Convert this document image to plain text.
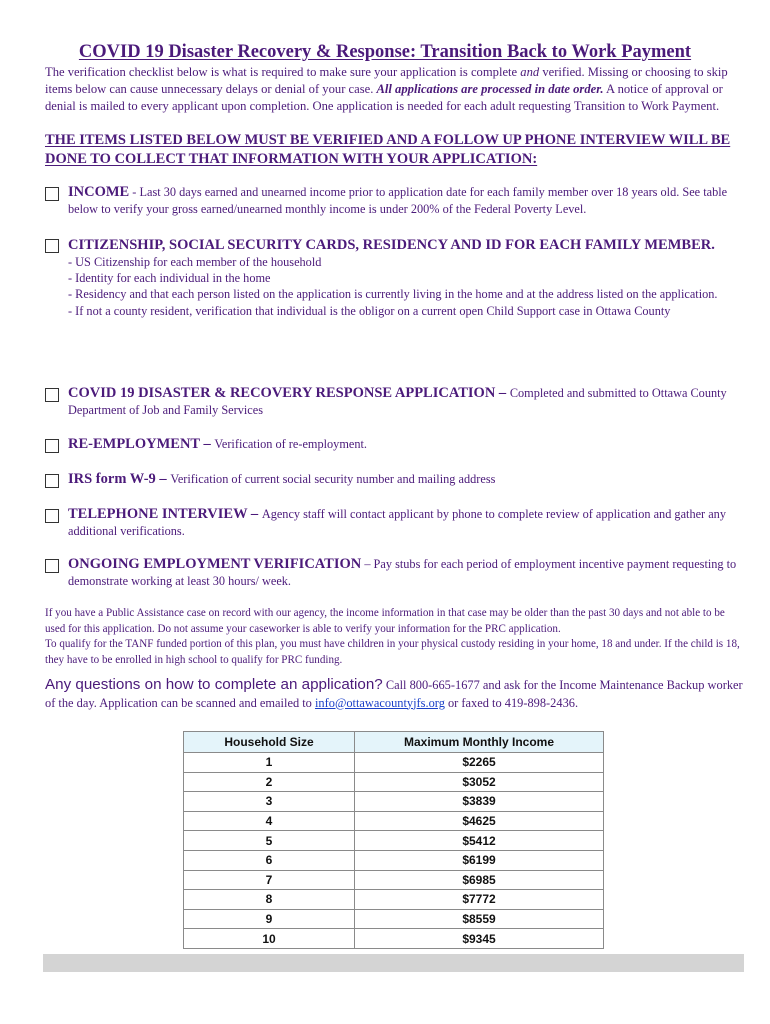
COVID 19 Disaster Recovery & Response: Transition Back to Work Payment
The verification checklist below is what is required to make sure your application is complete and verified. Missing or choosing to skip items below can cause unnecessary delays or denial of your case. All applications are processed in date order. A notice of approval or denial is mailed to every applicant upon completion. One application is needed for each adult requesting Transition to Work Payment.
THE ITEMS LISTED BELOW MUST BE VERIFIED AND A FOLLOW UP PHONE INTERVIEW WILL BE DONE TO COLLECT THAT INFORMATION WITH YOUR APPLICATION:
INCOME - Last 30 days earned and unearned income prior to application date for each family member over 18 years old. See table below to verify your gross earned/unearned monthly income is under 200% of the Federal Poverty Level.
CITIZENSHIP, SOCIAL SECURITY CARDS, RESIDENCY AND ID FOR EACH FAMILY MEMBER.
- US Citizenship for each member of the household
- Identity for each individual in the home
- Residency and that each person listed on the application is currently living in the home and at the address listed on the application.
- If not a county resident, verification that individual is the obligor on a current open Child Support case in Ottawa County
COVID 19 DISASTER & RECOVERY RESPONSE APPLICATION – Completed and submitted to Ottawa County Department of Job and Family Services
RE-EMPLOYMENT – Verification of re-employment.
IRS form W-9 – Verification of current social security number and mailing address
TELEPHONE INTERVIEW – Agency staff will contact applicant by phone to complete review of application and gather any additional verifications.
ONGOING EMPLOYMENT VERIFICATION – Pay stubs for each period of employment incentive payment requesting to demonstrate working at least 30 hours/ week.
If you have a Public Assistance case on record with our agency, the income information in that case may be older than the past 30 days and not able to be used for this application. Do not assume your caseworker is able to verify your information for the PRC application.
To qualify for the TANF funded portion of this plan, you must have children in your physical custody residing in your home, 18 and under. If the child is 18, they have to be enrolled in high school to qualify for PRC funding.
Any questions on how to complete an application? Call 800-665-1677 and ask for the Income Maintenance Backup worker of the day. Application can be scanned and emailed to info@ottawacountyjfs.org or faxed to 419-898-2436.
Household Size	Maximum Monthly Income
1	$2265
2	$3052
3	$3839
4	$4625
5	$5412
6	$6199
7	$6985
8	$7772
9	$8559
10	$9345
